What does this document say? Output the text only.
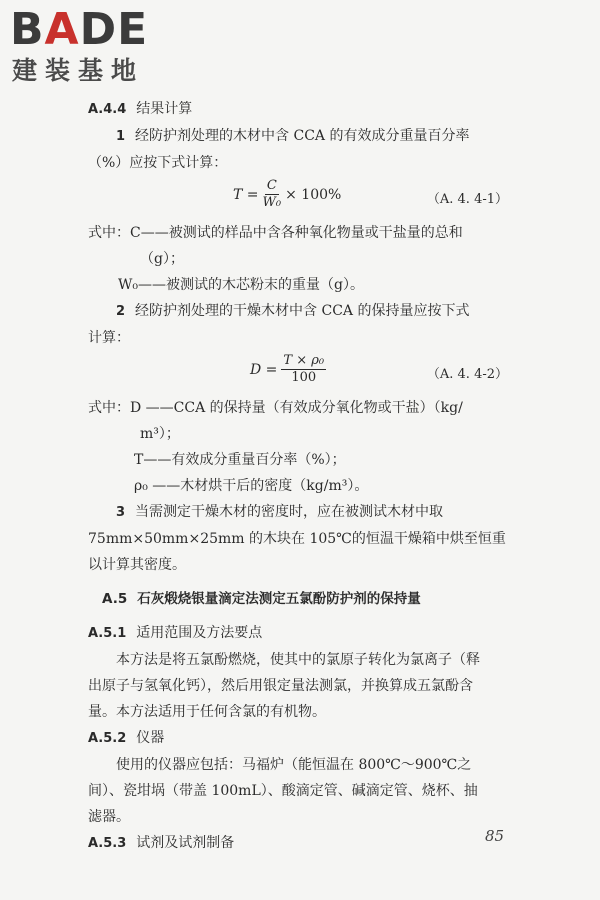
BADE
建装基地
A.4.4 结果计算
1 经防护剂处理的木材中含 CCA 的有效成分重量百分率
（%）应按下式计算：
$T = \frac{C}{\text{W₀}} \times 100\%$	（A. 4. 4-1）
式中：C——被测试的样品中含各种氧化物量或干盐量的总和
（g）；
W₀——被测试的木芯粉末的重量（g）。
2 经防护剂处理的干燥木材中含 CCA 的保持量应按下式
计算：
$D = \frac{\text{T × ρ₀}}{100}$	（A. 4. 4-2）
式中：D ——CCA 的保持量（有效成分氧化物或干盐）（kg/
m³）；
T——有效成分重量百分率（%）；
ρ₀ ——木材烘干后的密度（kg/m³）。
3 当需测定干燥木材的密度时，应在被测试木材中取
75mm×50mm×25mm 的木块在 105℃的恒温干燥箱中烘至恒重
以计算其密度。
A.5 石灰煅烧银量滴定法测定五氯酚防护剂的保持量
A.5.1 适用范围及方法要点
本方法是将五氯酚燃烧，使其中的氯原子转化为氯离子（释
出原子与氢氧化钙），然后用银定量法测氯，并换算成五氯酚含
量。本方法适用于任何含氯的有机物。
A.5.2 仪器
使用的仪器应包括：马福炉（能恒温在 800℃～900℃之
间）、瓷坩埚（带盖 100mL）、酸滴定管、碱滴定管、烧杯、抽
滤器。
A.5.3 试剂及试剂制备	85
